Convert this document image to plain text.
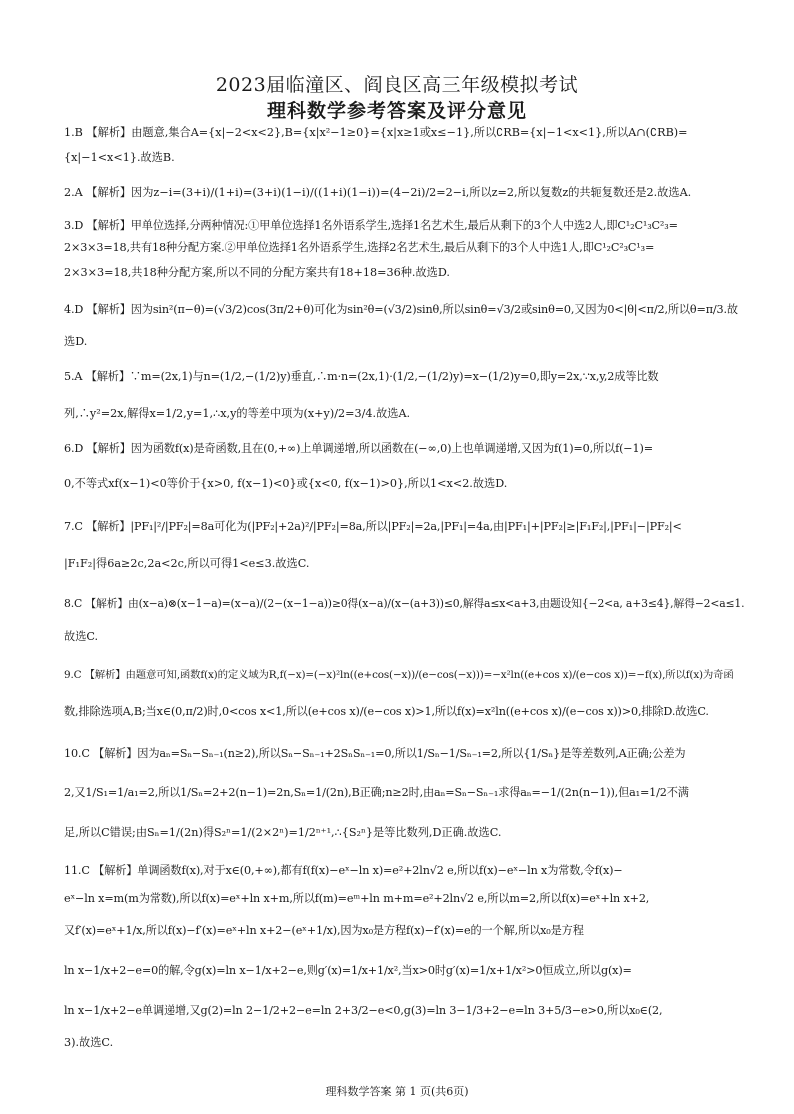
2023届临潼区、阎良区高三年级模拟考试
理科数学参考答案及评分意见
1.B 【解析】由题意,集合A={x|−2<x<2},B={x|x²−1≥0}={x|x≥1或x≤−1},所以∁RB={x|−1<x<1},所以A∩(∁RB)=
{x|−1<x<1}.故选B.
2.A 【解析】因为z−i=(3+i)/(1+i)=(3+i)(1−i)/((1+i)(1−i))=(4−2i)/2=2−i,所以z=2,所以复数z的共轭复数还是2.故选A.
3.D 【解析】甲单位选择,分两种情况:①甲单位选择1名外语系学生,选择1名艺术生,最后从剩下的3个人中选2人,即C¹₂C¹₃C²₃=
2×3×3=18,共有18种分配方案.②甲单位选择1名外语系学生,选择2名艺术生,最后从剩下的3个人中选1人,即C¹₂C²₃C¹₃=
2×3×3=18,共18种分配方案,所以不同的分配方案共有18+18=36种.故选D.
4.D 【解析】因为sin²(π−θ)=(√3/2)cos(3π/2+θ)可化为sin²θ=(√3/2)sinθ,所以sinθ=√3/2或sinθ=0,又因为0<|θ|<π/2,所以θ=π/3.故
选D.
5.A 【解析】∵m=(2x,1)与n=(1/2,−(1/2)y)垂直,∴m·n=(2x,1)·(1/2,−(1/2)y)=x−(1/2)y=0,即y=2x,∵x,y,2成等比数
列,∴y²=2x,解得x=1/2,y=1,∴x,y的等差中项为(x+y)/2=3/4.故选A.
6.D 【解析】因为函数f(x)是奇函数,且在(0,+∞)上单调递增,所以函数在(−∞,0)上也单调递增,又因为f(1)=0,所以f(−1)=
0,不等式xf(x−1)<0等价于{x>0, f(x−1)<0}或{x<0, f(x−1)>0},所以1<x<2.故选D.
7.C 【解析】|PF₁|²/|PF₂|=8a可化为(|PF₂|+2a)²/|PF₂|=8a,所以|PF₂|=2a,|PF₁|=4a,由|PF₁|+|PF₂|≥|F₁F₂|,|PF₁|−|PF₂|<
|F₁F₂|得6a≥2c,2a<2c,所以可得1<e≤3.故选C.
8.C 【解析】由(x−a)⊗(x−1−a)=(x−a)/(2−(x−1−a))≥0得(x−a)/(x−(a+3))≤0,解得a≤x<a+3,由题设知{−2<a, a+3≤4},解得−2<a≤1.
故选C.
9.C 【解析】由题意可知,函数f(x)的定义域为R,f(−x)=(−x)²ln((e+cos(−x))/(e−cos(−x)))=−x²ln((e+cos x)/(e−cos x))=−f(x),所以f(x)为奇函
数,排除选项A,B;当x∈(0,π/2)时,0<cos x<1,所以(e+cos x)/(e−cos x)>1,所以f(x)=x²ln((e+cos x)/(e−cos x))>0,排除D.故选C.
10.C 【解析】因为aₙ=Sₙ−Sₙ₋₁(n≥2),所以Sₙ−Sₙ₋₁+2SₙSₙ₋₁=0,所以1/Sₙ−1/Sₙ₋₁=2,所以{1/Sₙ}是等差数列,A正确;公差为
2,又1/S₁=1/a₁=2,所以1/Sₙ=2+2(n−1)=2n,Sₙ=1/(2n),B正确;n≥2时,由aₙ=Sₙ−Sₙ₋₁求得aₙ=−1/(2n(n−1)),但a₁=1/2不满
足,所以C错误;由Sₙ=1/(2n)得S₂ⁿ=1/(2×2ⁿ)=1/2ⁿ⁺¹,∴{S₂ⁿ}是等比数列,D正确.故选C.
11.C 【解析】单调函数f(x),对于x∈(0,+∞),都有f(f(x)−eˣ−ln x)=e²+2ln√2 e,所以f(x)−eˣ−ln x为常数,令f(x)−
eˣ−ln x=m(m为常数),所以f(x)=eˣ+ln x+m,所以f(m)=eᵐ+ln m+m=e²+2ln√2 e,所以m=2,所以f(x)=eˣ+ln x+2,
又f′(x)=eˣ+1/x,所以f(x)−f′(x)=eˣ+ln x+2−(eˣ+1/x),因为x₀是方程f(x)−f′(x)=e的一个解,所以x₀是方程
ln x−1/x+2−e=0的解,令g(x)=ln x−1/x+2−e,则g′(x)=1/x+1/x²,当x>0时g′(x)=1/x+1/x²>0恒成立,所以g(x)=
ln x−1/x+2−e单调递增,又g(2)=ln 2−1/2+2−e=ln 2+3/2−e<0,g(3)=ln 3−1/3+2−e=ln 3+5/3−e>0,所以x₀∈(2,
3).故选C.
理科数学答案 第 1 页(共6页)
